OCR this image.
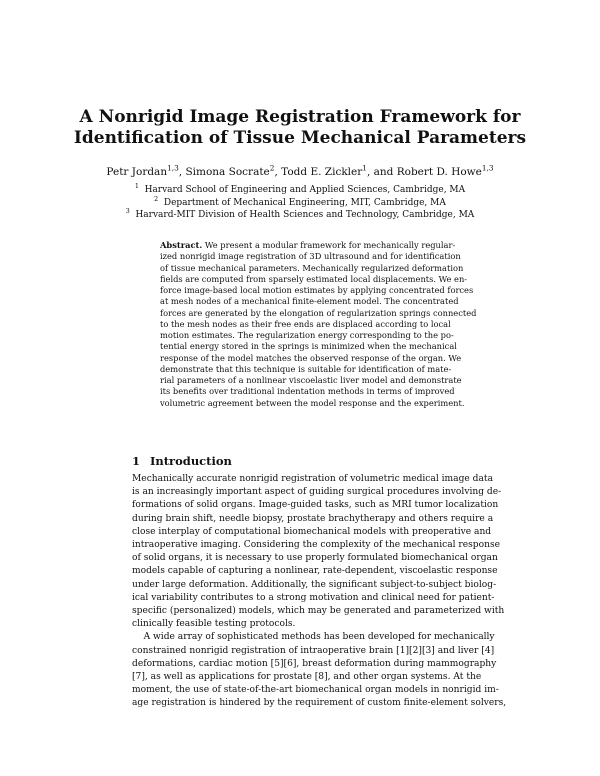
A Nonrigid Image Registration Framework for
Identification of Tissue Mechanical Parameters
Petr Jordan$^{1,3}$, Simona Socrate$^2$, Todd E. Zickler$^1$, and Robert D. Howe$^{1,3}$
$^1$ Harvard School of Engineering and Applied Sciences, Cambridge, MA
$^2$ Department of Mechanical Engineering, MIT, Cambridge, MA
$^3$ Harvard-MIT Division of Health Sciences and Technology, Cambridge, MA
Abstract. We present a modular framework for mechanically regular-
ized nonrigid image registration of 3D ultrasound and for identification
of tissue mechanical parameters. Mechanically regularized deformation
fields are computed from sparsely estimated local displacements. We en-
force image-based local motion estimates by applying concentrated forces
at mesh nodes of a mechanical finite-element model. The concentrated
forces are generated by the elongation of regularization springs connected
to the mesh nodes as their free ends are displaced according to local
motion estimates. The regularization energy corresponding to the po-
tential energy stored in the springs is minimized when the mechanical
response of the model matches the observed response of the organ. We
demonstrate that this technique is suitable for identification of mate-
rial parameters of a nonlinear viscoelastic liver model and demonstrate
its benefits over traditional indentation methods in terms of improved
volumetric agreement between the model response and the experiment.
1 Introduction
Mechanically accurate nonrigid registration of volumetric medical image data
is an increasingly important aspect of guiding surgical procedures involving de-
formations of solid organs. Image-guided tasks, such as MRI tumor localization
during brain shift, needle biopsy, prostate brachytherapy and others require a
close interplay of computational biomechanical models with preoperative and
intraoperative imaging. Considering the complexity of the mechanical response
of solid organs, it is necessary to use properly formulated biomechanical organ
models capable of capturing a nonlinear, rate-dependent, viscoelastic response
under large deformation. Additionally, the significant subject-to-subject biolog-
ical variability contributes to a strong motivation and clinical need for patient-
specific (personalized) models, which may be generated and parameterized with
clinically feasible testing protocols.
A wide array of sophisticated methods has been developed for mechanically
constrained nonrigid registration of intraoperative brain [1][2][3] and liver [4]
deformations, cardiac motion [5][6], breast deformation during mammography
[7], as well as applications for prostate [8], and other organ systems. At the
moment, the use of state-of-the-art biomechanical organ models in nonrigid im-
age registration is hindered by the requirement of custom finite-element solvers,
